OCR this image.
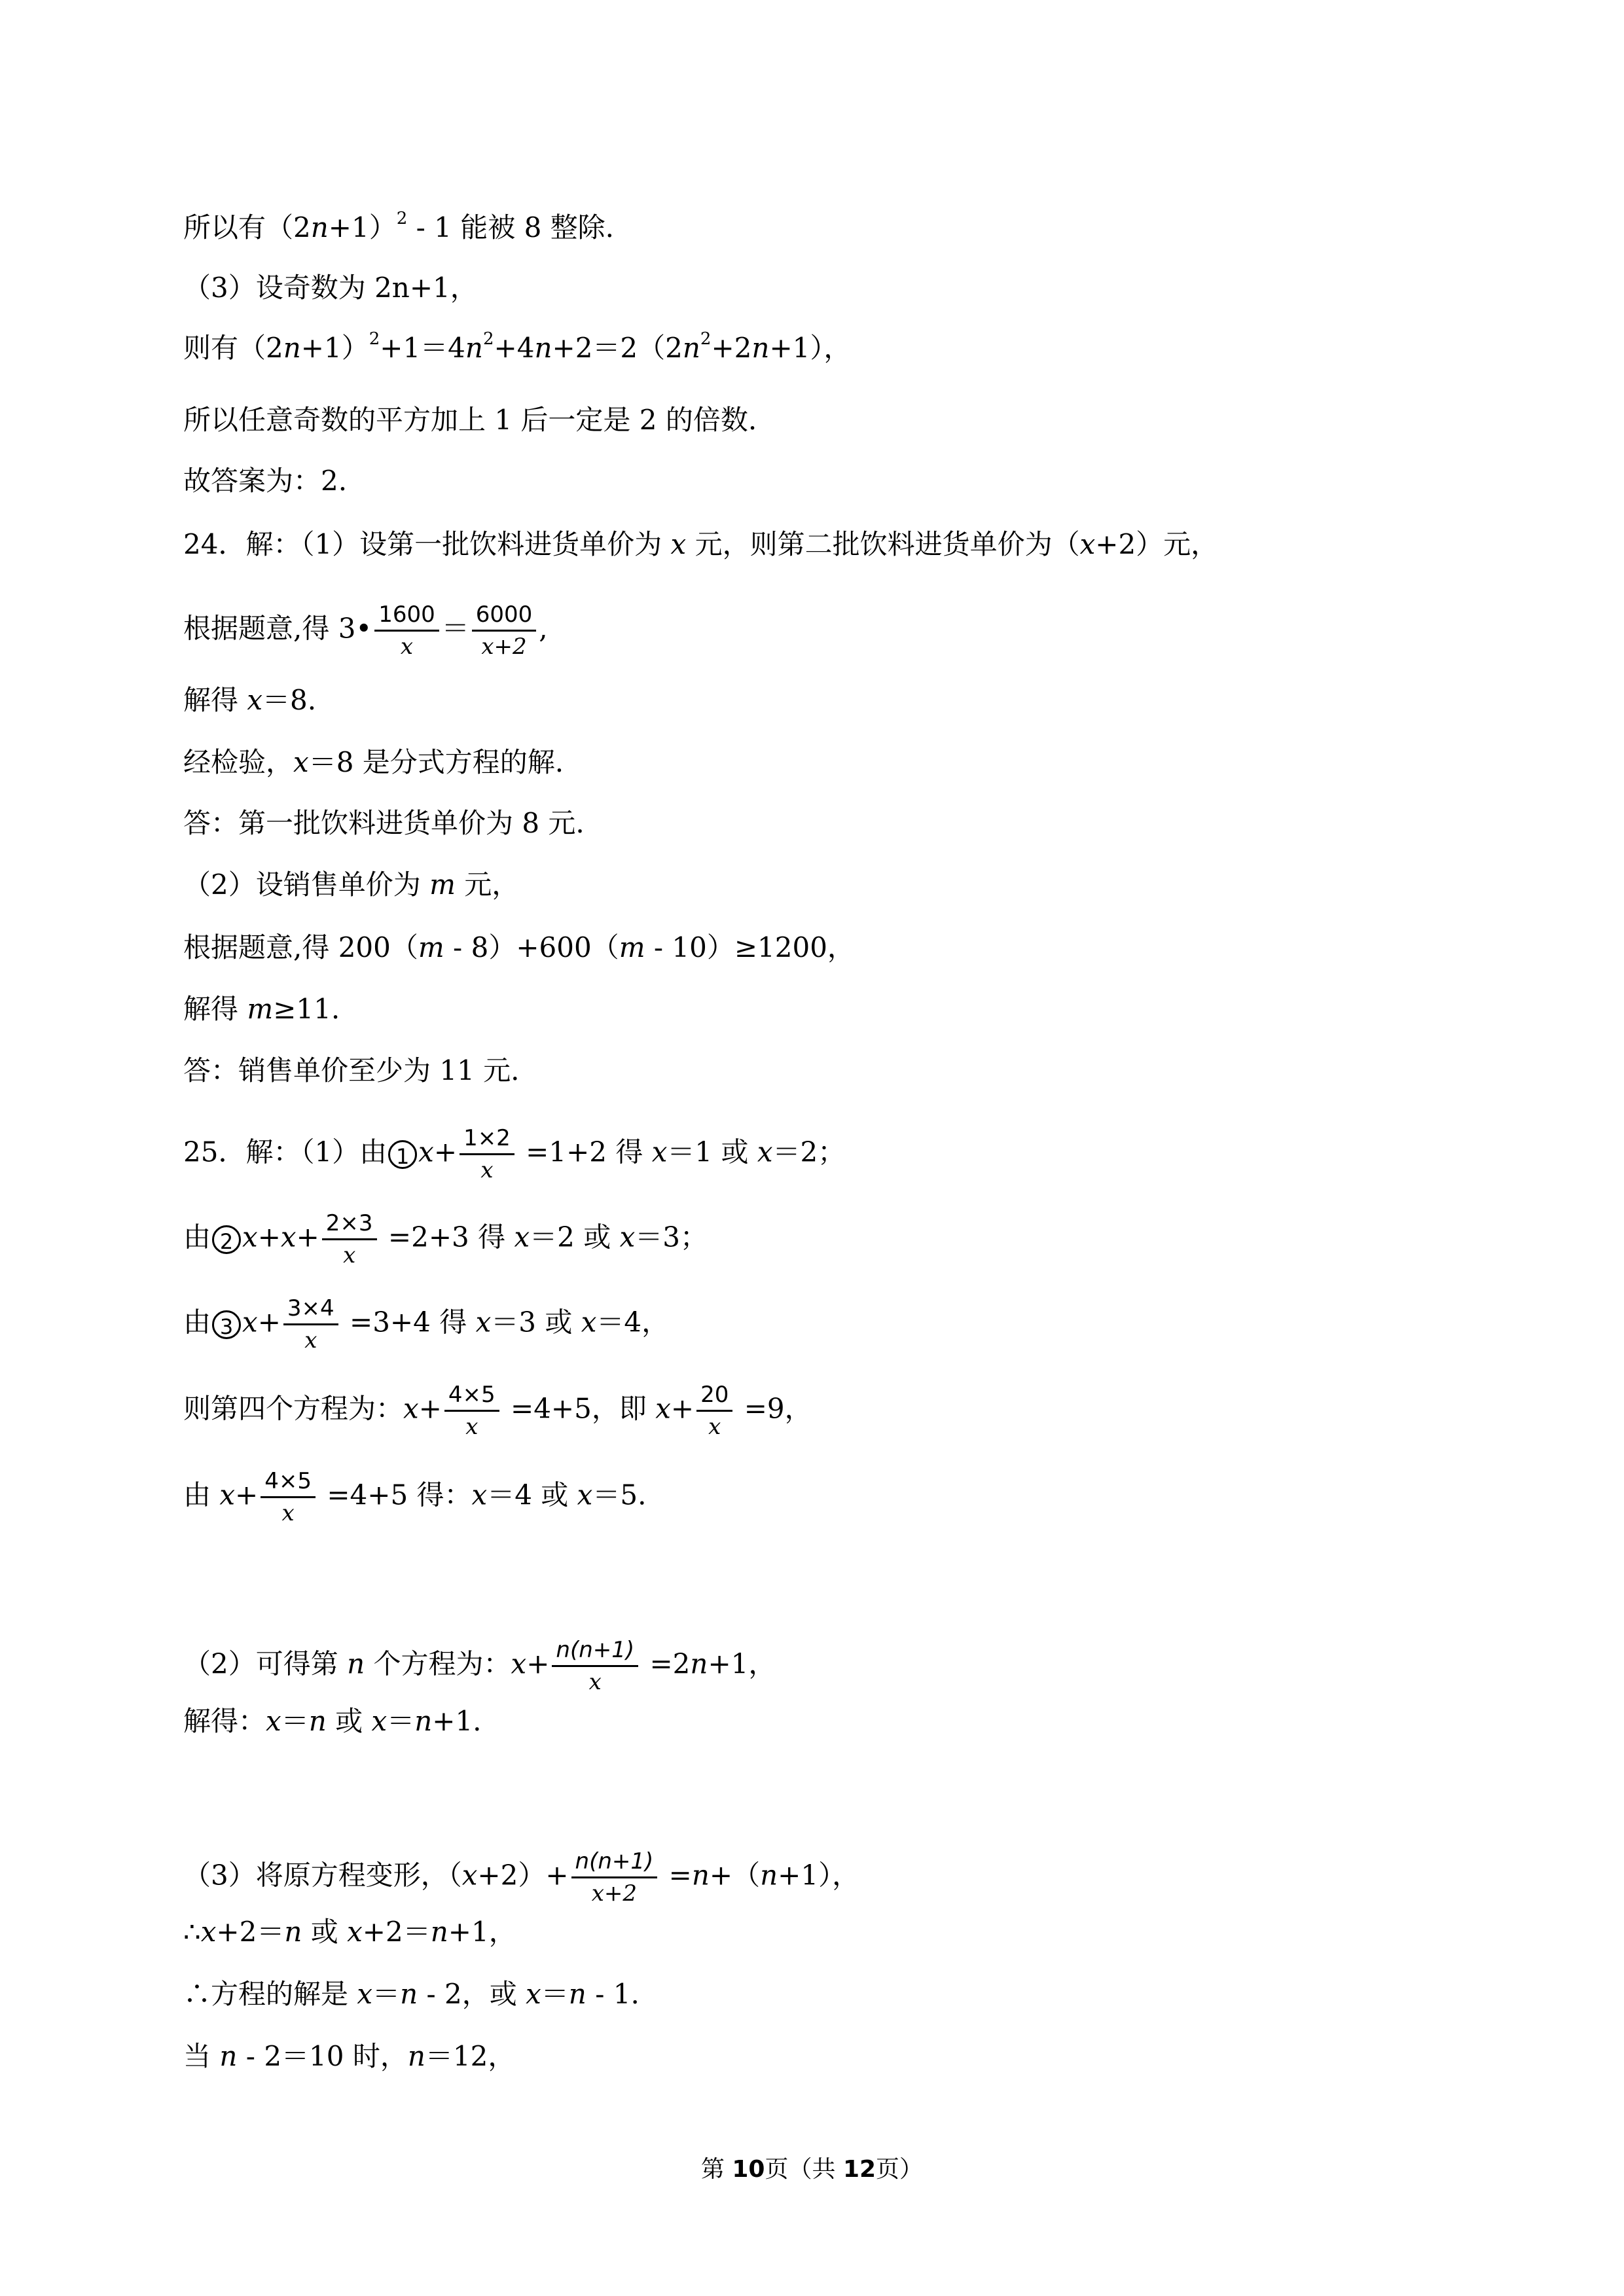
所以有$(2n+1)^2$ ‐ 1 能被 8 整除.
（3）设奇数为 2n+1，
则有$(2n+1)^2+1=4n^2+4n+2=2(2n^2+2n+1)$，
所以任意奇数的平方加上 1 后一定是 2 的倍数.
故答案为：2.
24．解：（1）设第一批饮料进货单价为 x 元，则第二批饮料进货单价为（x+2）元，
根据题意,得 3• $\frac{1600}{x} = \frac{6000}{x+2}$ ,
解得 x＝8.
经检验，x＝8 是分式方程的解.
答：第一批饮料进货单价为 8 元.
（2）设销售单价为 m 元，
根据题意,得 200（m ‐ 8）+600（m ‐ 10）≥1200，
解得 m≥11.
答：销售单价至少为 11 元.
25．解：（1）由 1 $x+ \frac{1\times 2}{x} =1+2$ 得 x＝1 或 x＝2；
由 2 $x+x+ \frac{2\times 3}{x} =2+3$ 得 x＝2 或 x＝3；
由 3 $x+ \frac{3\times 4}{x} =3+4$ 得 x＝3 或 x＝4，
则第四个方程为：$x+ \frac{4\times 5}{x} =4+5$，即 $x+ \frac{20}{x} =9$，
由 $x+ \frac{4\times 5}{x} =4+5$ 得：x＝4 或 x＝5.
（2）可得第 n 个方程为：$x+ \frac{n(n+1)}{x} =2n+1$，
解得：x＝n 或 x＝n+1.
（3）将原方程变形，$(x+2)+ \frac{n(n+1)}{x+2} =n+(n+1)$，
∴x+2＝n 或 x+2＝n+1，
∴方程的解是 x＝n ‐ 2，或 x＝n ‐ 1.
当 n ‐ 2＝10 时，n＝12，
第 10页（共 12页）
